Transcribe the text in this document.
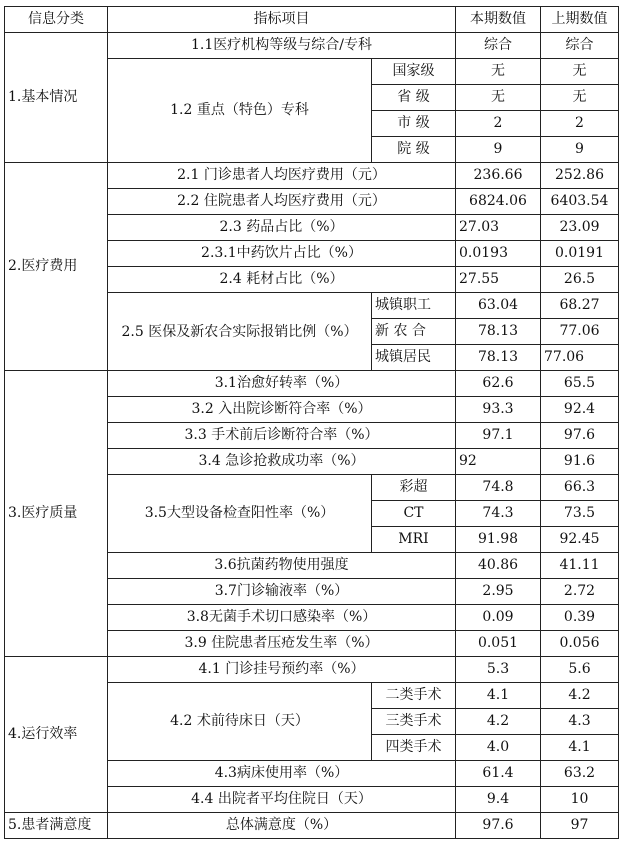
信息分类	指标项目		本期数值	上期数值
1.基本情况	1.1医疗机构等级与综合/专科		综合	综合
	1.2 重点（特色）专科	国家级	无	无
		省 级	无	无
		市 级	2	2
		院 级	9	9
2.医疗费用	2.1 门诊患者人均医疗费用（元）		236.66	252.86
	2.2 住院患者人均医疗费用（元）		6824.06	6403.54
	2.3 药品占比（%）		27.03	23.09
	2.3.1中药饮片占比（%）		0.0193	0.0191
	2.4 耗材占比（%）		27.55	26.5
	2.5 医保及新农合实际报销比例（%）	城镇职工	63.04	68.27
		新 农 合	78.13	77.06
		城镇居民	78.13	77.06
3.医疗质量	3.1治愈好转率（%）		62.6	65.5
	3.2 入出院诊断符合率（%）		93.3	92.4
	3.3 手术前后诊断符合率（%）		97.1	97.6
	3.4 急诊抢救成功率（%）		92	91.6
	3.5大型设备检查阳性率（%）	彩超	74.8	66.3
		CT	74.3	73.5
		MRI	91.98	92.45
	3.6抗菌药物使用强度		40.86	41.11
	3.7门诊输液率（%）		2.95	2.72
	3.8无菌手术切口感染率（%）		0.09	0.39
	3.9 住院患者压疮发生率（%）		0.051	0.056
4.运行效率	4.1 门诊挂号预约率（%）		5.3	5.6
	4.2 术前待床日（天）	二类手术	4.1	4.2
		三类手术	4.2	4.3
		四类手术	4.0	4.1
	4.3病床使用率（%）		61.4	63.2
	4.4 出院者平均住院日（天）		9.4	10
5.患者满意度	总体满意度（%）		97.6	97
